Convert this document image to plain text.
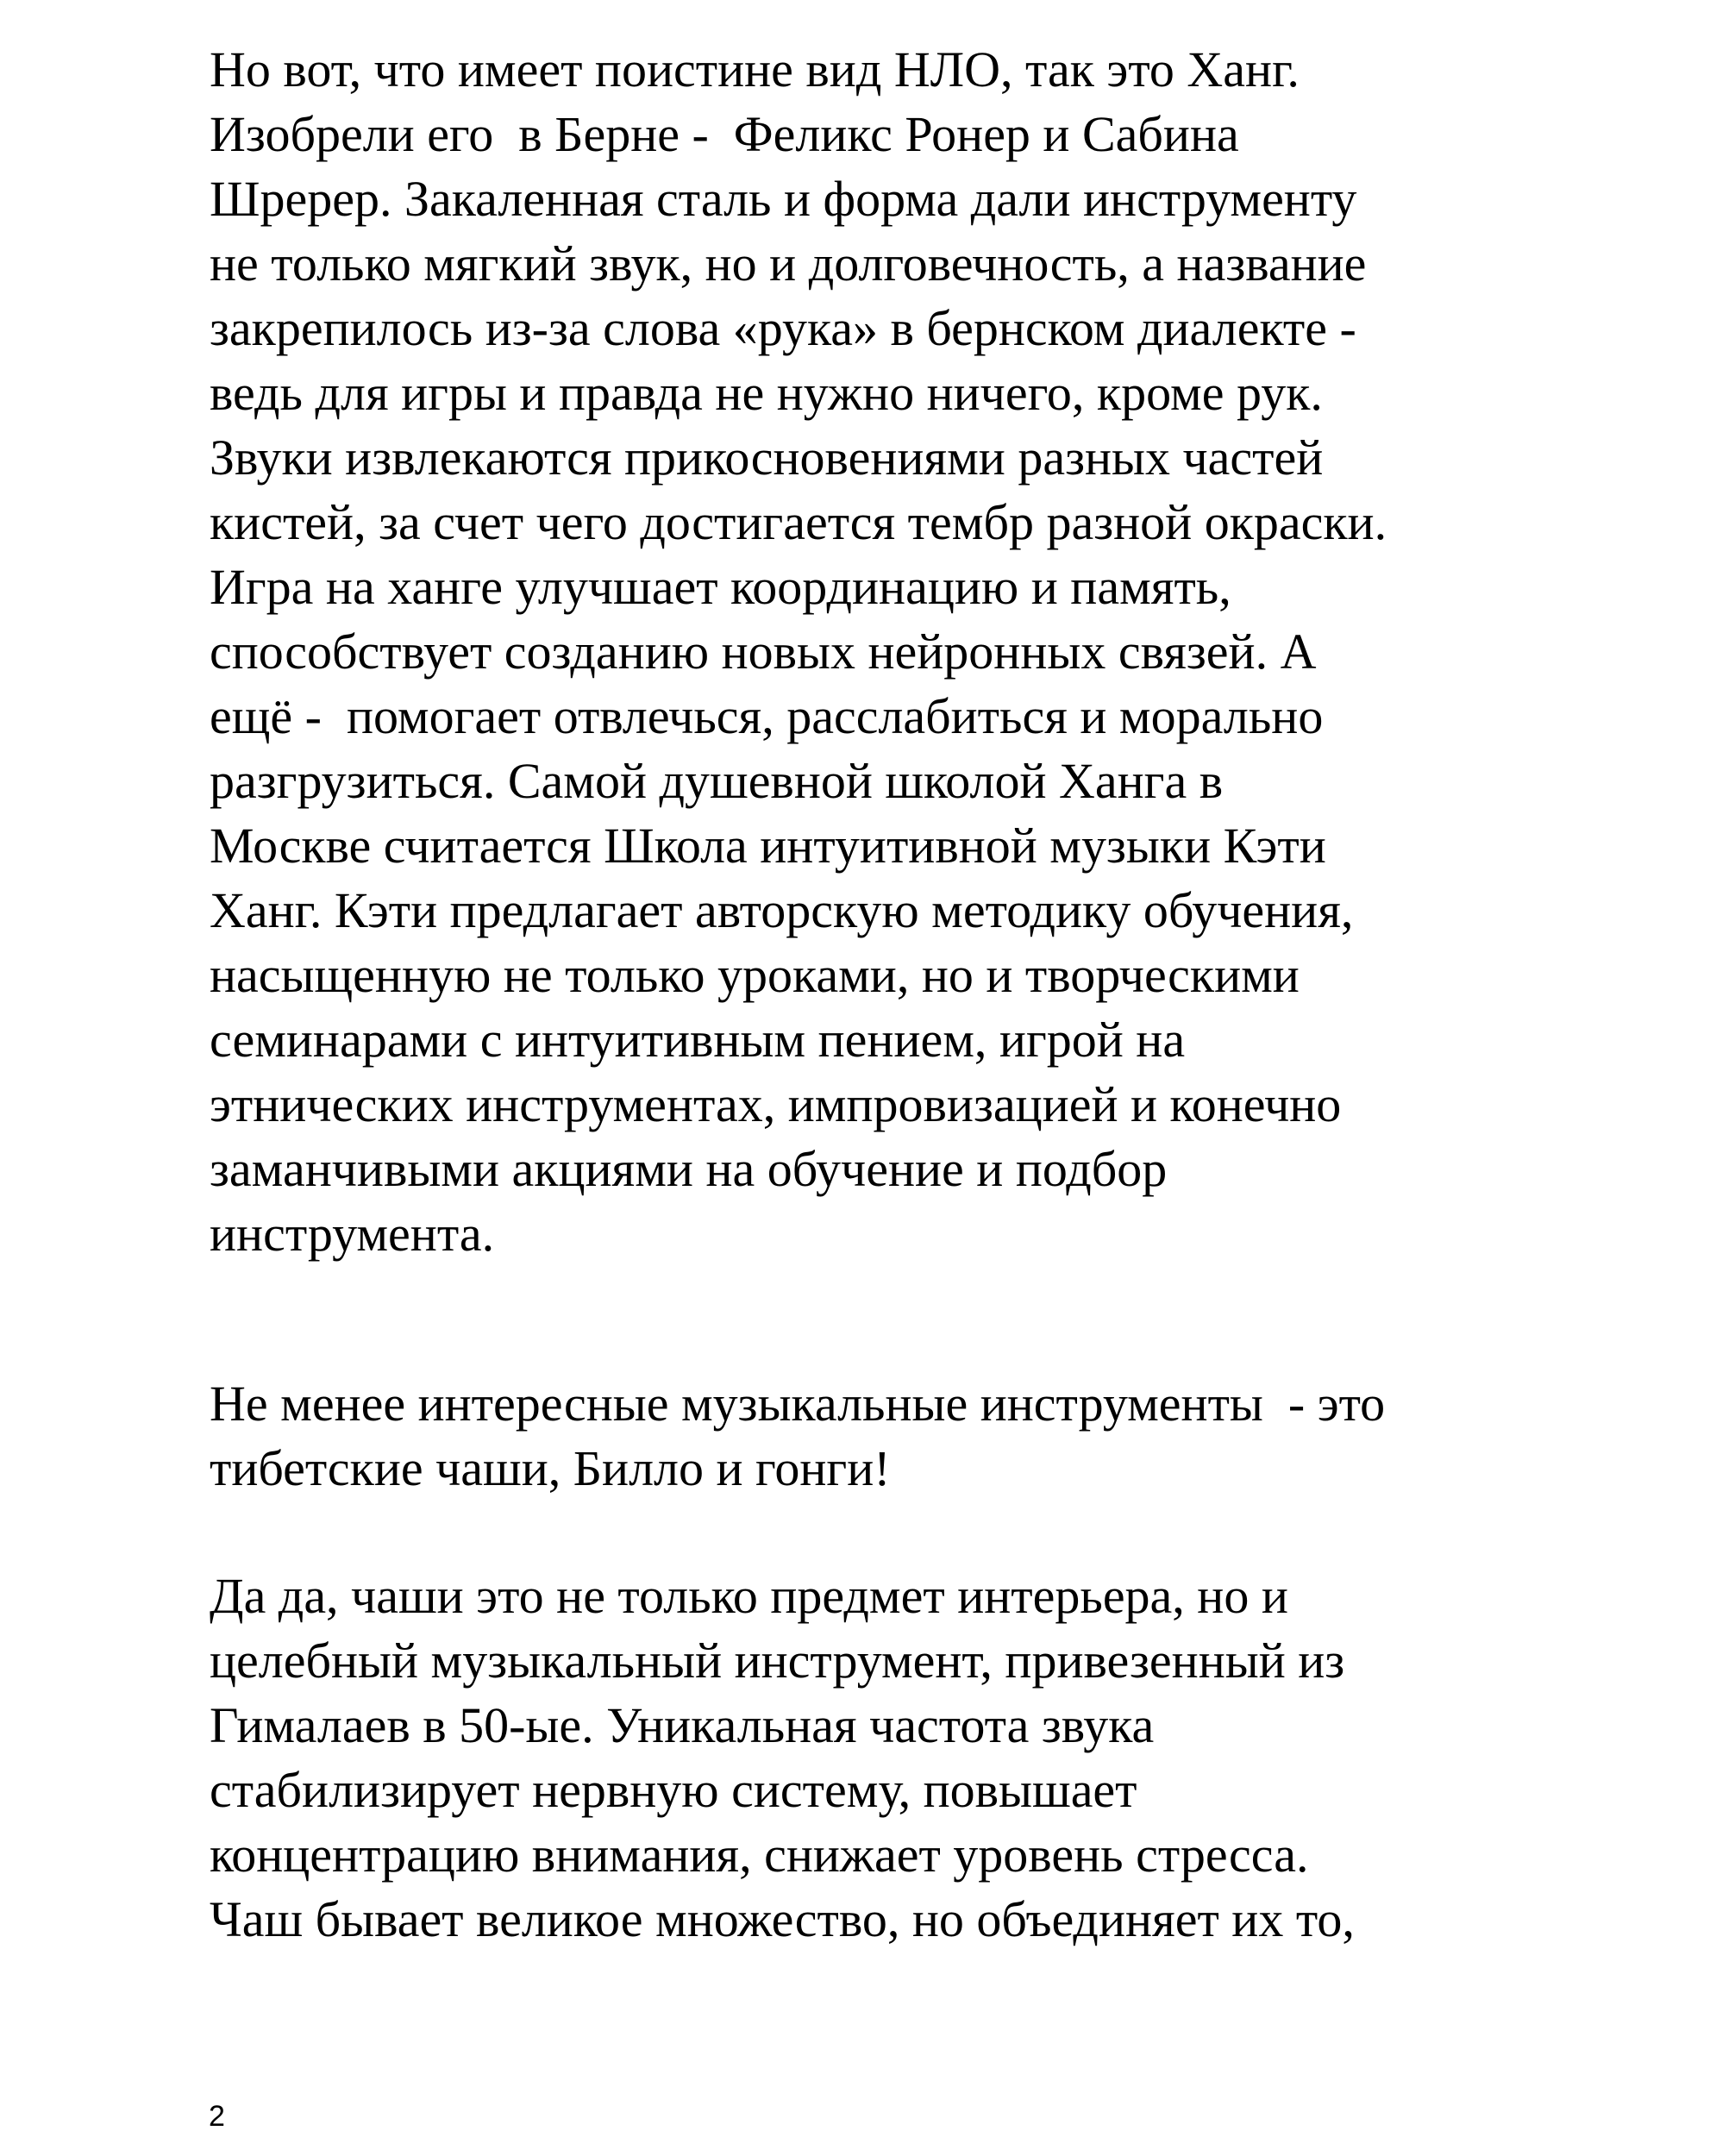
Но вот, что имеет поистине вид НЛО, так это Ханг.
Изобрели его  в Берне -  Феликс Ронер и Сабина
Шререр. Закаленная сталь и форма дали инструменту
не только мягкий звук, но и долговечность, а название
закрепилось из-за слова «рука» в бернском диалекте -
ведь для игры и правда не нужно ничего, кроме рук.
Звуки извлекаются прикосновениями разных частей
кистей, за счет чего достигается тембр разной окраски.
Игра на ханге улучшает координацию и память,
способствует созданию новых нейронных связей. А
ещё -  помогает отвлечься, расслабиться и морально
разгрузиться. Самой душевной школой Ханга в
Москве считается Школа интуитивной музыки Кэти
Ханг. Кэти предлагает авторскую методику обучения,
насыщенную не только уроками, но и творческими
семинарами с интуитивным пением, игрой на
этнических инструментах, импровизацией и конечно
заманчивыми акциями на обучение и подбор
инструмента.
Не менее интересные музыкальные инструменты  - это
тибетские чаши, Билло и гонги!
Да да, чаши это не только предмет интерьера, но и
целебный музыкальный инструмент, привезенный из
Гималаев в 50-ые. Уникальная частота звука
стабилизирует нервную систему, повышает
концентрацию внимания, снижает уровень стресса.
Чаш бывает великое множество, но объединяет их то,
2
